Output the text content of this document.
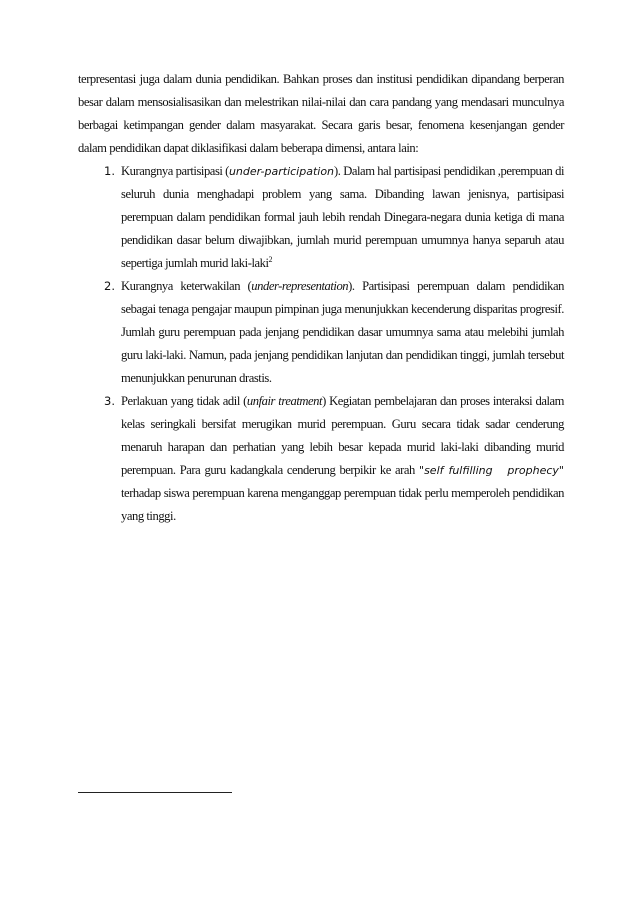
terpresentasi juga dalam dunia pendidikan. Bahkan proses dan institusi pendidikan dipandang berperan besar dalam mensosialisasikan dan melestrikan nilai-nilai dan cara pandang yang mendasari munculnya berbagai ketimpangan gender dalam masyarakat. Secara garis besar, fenomena kesenjangan gender dalam pendidikan dapat diklasifikasi dalam beberapa dimensi, antara lain:

1. Kurangnya partisipasi (under-participation). Dalam hal partisipasi pendidikan ,perempuan di seluruh dunia menghadapi problem yang sama. Dibanding lawan jenisnya, partisipasi perempuan dalam pendidikan formal jauh lebih rendah Dinegara-negara dunia ketiga di mana pendidikan dasar belum diwajibkan, jumlah murid perempuan umumnya hanya separuh atau sepertiga jumlah murid laki-laki$^2$
2. Kurangnya keterwakilan (under-representation). Partisipasi perempuan dalam pendidikan sebagai tenaga pengajar maupun pimpinan juga menunjukkan kecenderung disparitas progresif. Jumlah guru perempuan pada jenjang pendidikan dasar umumnya sama atau melebihi jumlah guru laki-laki. Namun, pada jenjang pendidikan lanjutan dan pendidikan tinggi, jumlah tersebut menunjukkan penurunan drastis.
3. Perlakuan yang tidak adil (unfair treatment) Kegiatan pembelajaran dan proses interaksi dalam kelas seringkali bersifat merugikan murid perempuan. Guru secara tidak sadar cenderung menaruh harapan dan perhatian yang lebih besar kepada murid laki-laki dibanding murid perempuan. Para guru kadangkala cenderung berpikir ke arah "self fulfilling   prophecy" terhadap siswa perempuan karena menganggap perempuan tidak perlu memperoleh pendidikan yang tinggi.
